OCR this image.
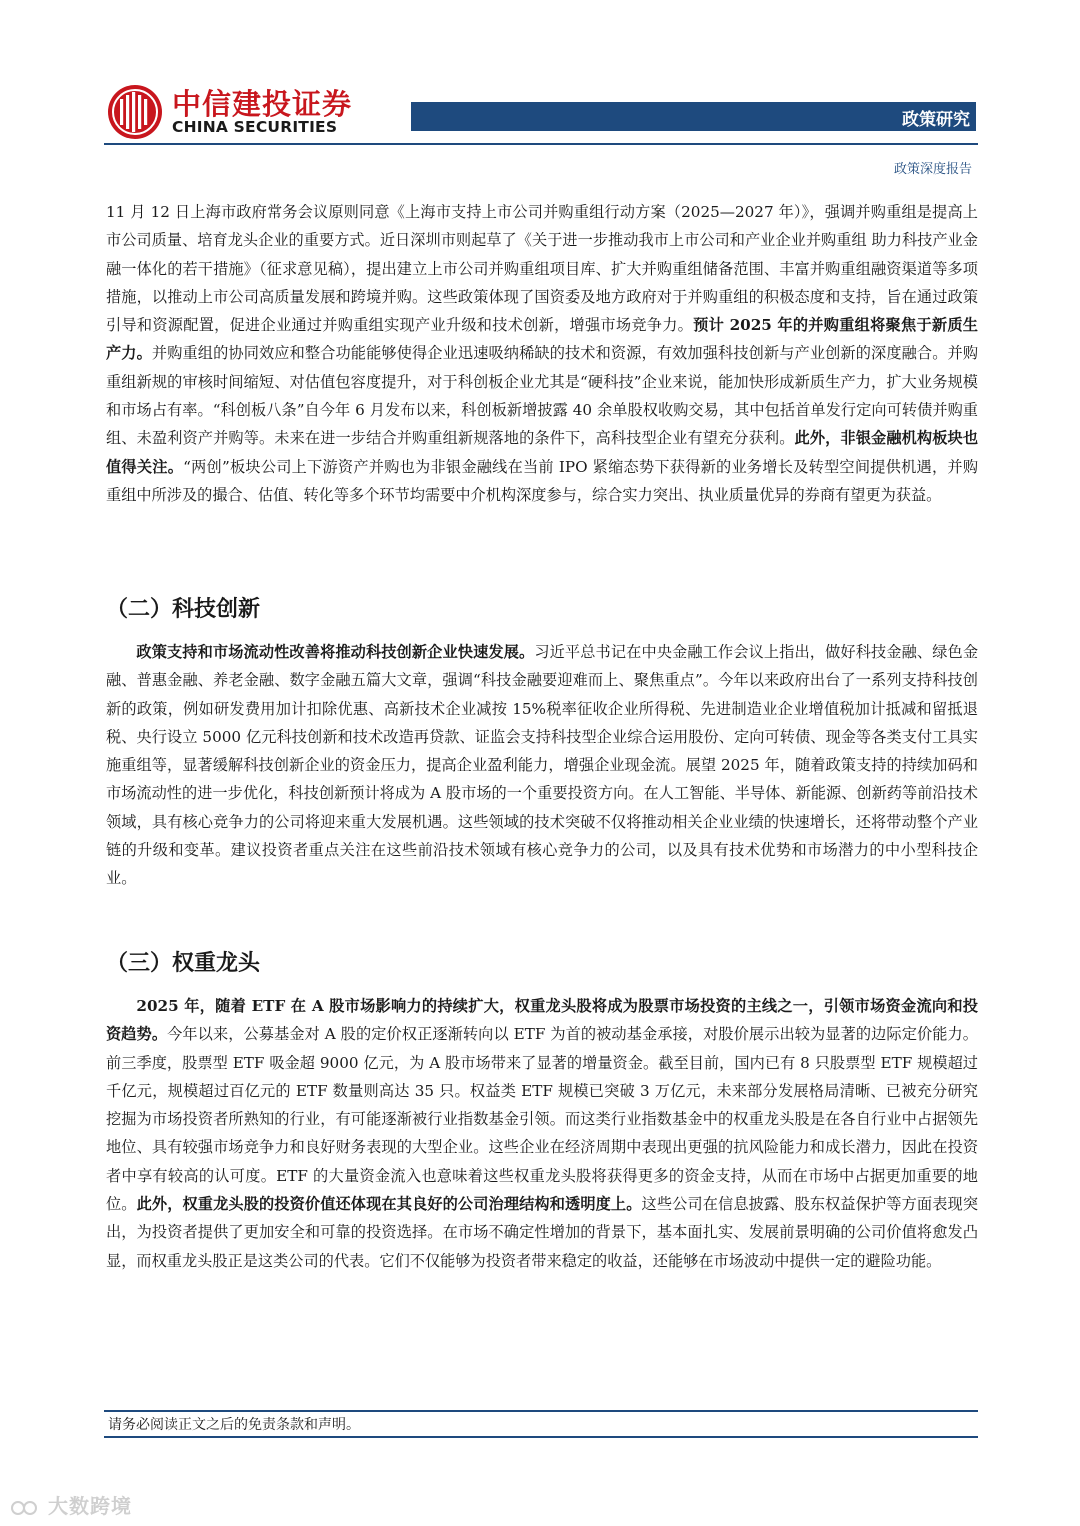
中信建投证券
CHINA SECURITIES	政策研究
政策深度报告

11 月 12 日上海市政府常务会议原则同意《上海市支持上市公司并购重组行动方案（2025—2027 年）》，强调并购重组是提高上市公司质量、培育龙头企业的重要方式。近日深圳市则起草了《关于进一步推动我市上市公司和产业企业并购重组 助力科技产业金融一体化的若干措施》（征求意见稿），提出建立上市公司并购重组项目库、扩大并购重组储备范围、丰富并购重组融资渠道等多项措施，以推动上市公司高质量发展和跨境并购。这些政策体现了国资委及地方政府对于并购重组的积极态度和支持，旨在通过政策引导和资源配置，促进企业通过并购重组实现产业升级和技术创新，增强市场竞争力。预计 2025 年的并购重组将聚焦于新质生产力。并购重组的协同效应和整合功能能够使得企业迅速吸纳稀缺的技术和资源，有效加强科技创新与产业创新的深度融合。并购重组新规的审核时间缩短、对估值包容度提升，对于科创板企业尤其是“硬科技”企业来说，能加快形成新质生产力，扩大业务规模和市场占有率。“科创板八条”自今年 6 月发布以来，科创板新增披露 40 余单股权收购交易，其中包括首单发行定向可转债并购重组、未盈利资产并购等。未来在进一步结合并购重组新规落地的条件下，高科技型企业有望充分获利。此外，非银金融机构板块也值得关注。“两创”板块公司上下游资产并购也为非银金融线在当前 IPO 紧缩态势下获得新的业务增长及转型空间提供机遇，并购重组中所涉及的撮合、估值、转化等多个环节均需要中介机构深度参与，综合实力突出、执业质量优异的券商有望更为获益。

（二）科技创新

政策支持和市场流动性改善将推动科技创新企业快速发展。习近平总书记在中央金融工作会议上指出，做好科技金融、绿色金融、普惠金融、养老金融、数字金融五篇大文章，强调“科技金融要迎难而上、聚焦重点”。今年以来政府出台了一系列支持科技创新的政策，例如研发费用加计扣除优惠、高新技术企业减按 15%税率征收企业所得税、先进制造业企业增值税加计抵减和留抵退税、央行设立 5000 亿元科技创新和技术改造再贷款、证监会支持科技型企业综合运用股份、定向可转债、现金等各类支付工具实施重组等，显著缓解科技创新企业的资金压力，提高企业盈利能力，增强企业现金流。展望 2025 年，随着政策支持的持续加码和市场流动性的进一步优化，科技创新预计将成为 A 股市场的一个重要投资方向。在人工智能、半导体、新能源、创新药等前沿技术领域，具有核心竞争力的公司将迎来重大发展机遇。这些领域的技术突破不仅将推动相关企业业绩的快速增长，还将带动整个产业链的升级和变革。建议投资者重点关注在这些前沿技术领域有核心竞争力的公司，以及具有技术优势和市场潜力的中小型科技企业。

（三）权重龙头

2025 年，随着 ETF 在 A 股市场影响力的持续扩大，权重龙头股将成为股票市场投资的主线之一，引领市场资金流向和投资趋势。今年以来，公募基金对 A 股的定价权正逐渐转向以 ETF 为首的被动基金承接，对股价展示出较为显著的边际定价能力。前三季度，股票型 ETF 吸金超 9000 亿元，为 A 股市场带来了显著的增量资金。截至目前，国内已有 8 只股票型 ETF 规模超过千亿元，规模超过百亿元的 ETF 数量则高达 35 只。权益类 ETF 规模已突破 3 万亿元，未来部分发展格局清晰、已被充分研究挖掘为市场投资者所熟知的行业，有可能逐渐被行业指数基金引领。而这类行业指数基金中的权重龙头股是在各自行业中占据领先地位、具有较强市场竞争力和良好财务表现的大型企业。这些企业在经济周期中表现出更强的抗风险能力和成长潜力，因此在投资者中享有较高的认可度。ETF 的大量资金流入也意味着这些权重龙头股将获得更多的资金支持，从而在市场中占据更加重要的地位。此外，权重龙头股的投资价值还体现在其良好的公司治理结构和透明度上。这些公司在信息披露、股东权益保护等方面表现突出，为投资者提供了更加安全和可靠的投资选择。在市场不确定性增加的背景下，基本面扎实、发展前景明确的公司价值将愈发凸显，而权重龙头股正是这类公司的代表。它们不仅能够为投资者带来稳定的收益，还能够在市场波动中提供一定的避险功能。

请务必阅读正文之后的免责条款和声明。
大数跨境
